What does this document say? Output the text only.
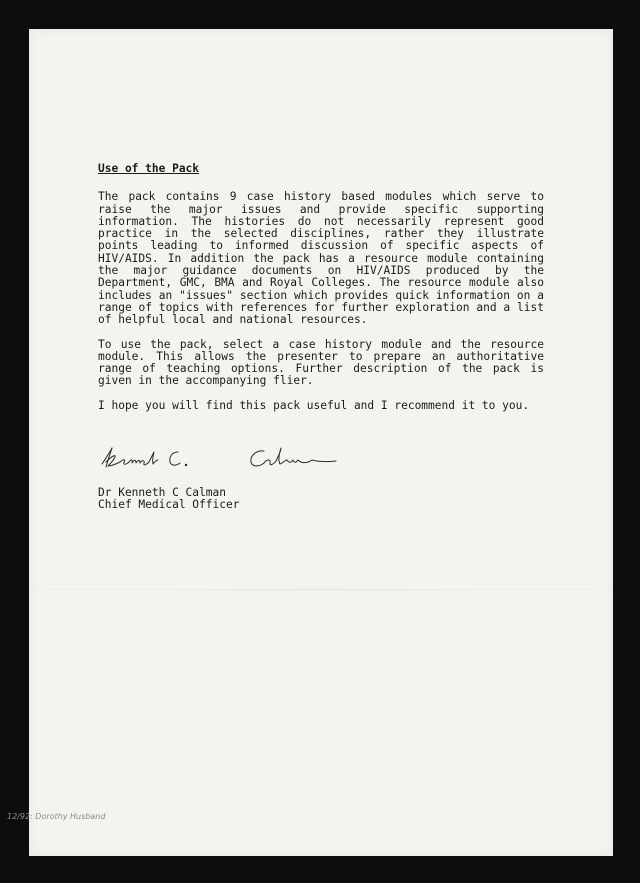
Use of the Pack

The pack contains 9 case history based modules which serve to raise the major issues and provide specific supporting information. The histories do not necessarily represent good practice in the selected disciplines, rather they illustrate points leading to informed discussion of specific aspects of HIV/AIDS. In addition the pack has a resource module containing the major guidance documents on HIV/AIDS produced by the Department, GMC, BMA and Royal Colleges. The resource module also includes an "issues" section which provides quick information on a range of topics with references for further exploration and a list of helpful local and national resources.

To use the pack, select a case history module and the resource module. This allows the presenter to prepare an authoritative range of teaching options. Further description of the pack is given in the accompanying flier.

I hope you will find this pack useful and I recommend it to you.

Dr Kenneth C Calman
Chief Medical Officer
12/92: Dorothy Husband
